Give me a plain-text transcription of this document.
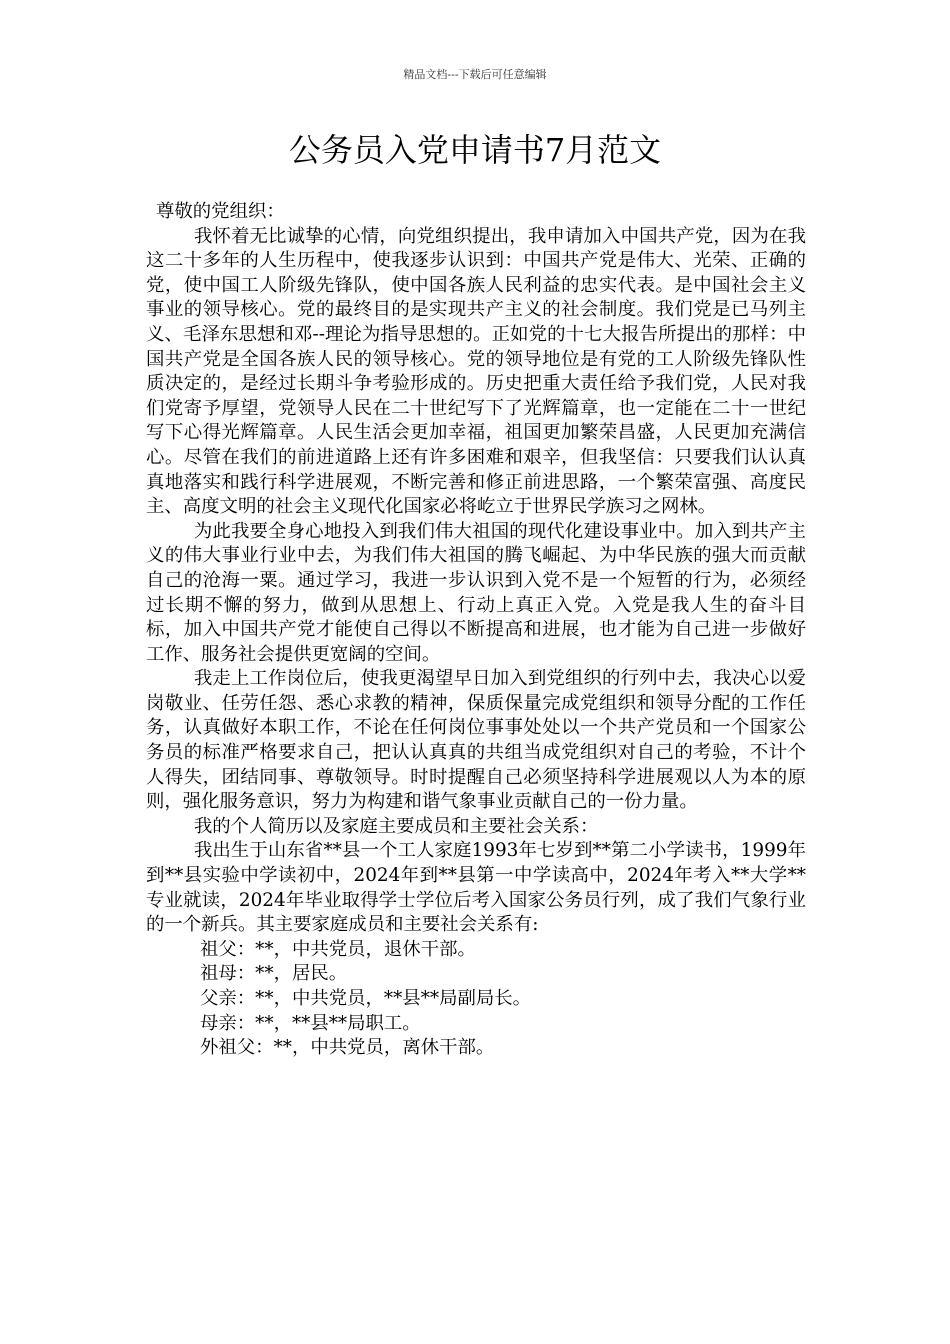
精品文档---下载后可任意编辑
公务员入党申请书7月范文

尊敬的党组织：

我怀着无比诚挚的心情，向党组织提出，我申请加入中国共产党，因为在我这二十多年的人生历程中，使我逐步认识到：中国共产党是伟大、光荣、正确的党，使中国工人阶级先锋队，使中国各族人民利益的忠实代表。是中国社会主义事业的领导核心。党的最终目的是实现共产主义的社会制度。我们党是已马列主义、毛泽东思想和邓--理论为指导思想的。正如党的十七大报告所提出的那样：中国共产党是全国各族人民的领导核心。党的领导地位是有党的工人阶级先锋队性质决定的，是经过长期斗争考验形成的。历史把重大责任给予我们党，人民对我们党寄予厚望，党领导人民在二十世纪写下了光辉篇章，也一定能在二十一世纪写下心得光辉篇章。人民生活会更加幸福，祖国更加繁荣昌盛，人民更加充满信心。尽管在我们的前进道路上还有许多困难和艰辛，但我坚信：只要我们认认真真地落实和践行科学进展观，不断完善和修正前进思路，一个繁荣富强、高度民主、高度文明的社会主义现代化国家必将屹立于世界民学族习之网林。

为此我要全身心地投入到我们伟大祖国的现代化建设事业中。加入到共产主义的伟大事业行业中去，为我们伟大祖国的腾飞崛起、为中华民族的强大而贡献自己的沧海一粟。通过学习，我进一步认识到入党不是一个短暂的行为，必须经过长期不懈的努力，做到从思想上、行动上真正入党。入党是我人生的奋斗目标，加入中国共产党才能使自己得以不断提高和进展，也才能为自己进一步做好工作、服务社会提供更宽阔的空间。

我走上工作岗位后，使我更渴望早日加入到党组织的行列中去，我决心以爱岗敬业、任劳任怨、悉心求教的精神，保质保量完成党组织和领导分配的工作任务，认真做好本职工作，不论在任何岗位事事处处以一个共产党员和一个国家公务员的标准严格要求自己，把认认真真的共组当成党组织对自己的考验，不计个人得失，团结同事、尊敬领导。时时提醒自己必须坚持科学进展观以人为本的原则，强化服务意识，努力为构建和谐气象事业贡献自己的一份力量。

我的个人简历以及家庭主要成员和主要社会关系：

我出生于山东省**县一个工人家庭1993年七岁到**第二小学读书，1999年到**县实验中学读初中，2024年到**县第一中学读高中，2024年考入**大学**专业就读，2024年毕业取得学士学位后考入国家公务员行列，成了我们气象行业的一个新兵。其主要家庭成员和主要社会关系有:

祖父：**，中共党员，退休干部。

祖母：**，居民。

父亲：**，中共党员，**县**局副局长。

母亲：**，**县**局职工。

外祖父：**，中共党员，离休干部。
